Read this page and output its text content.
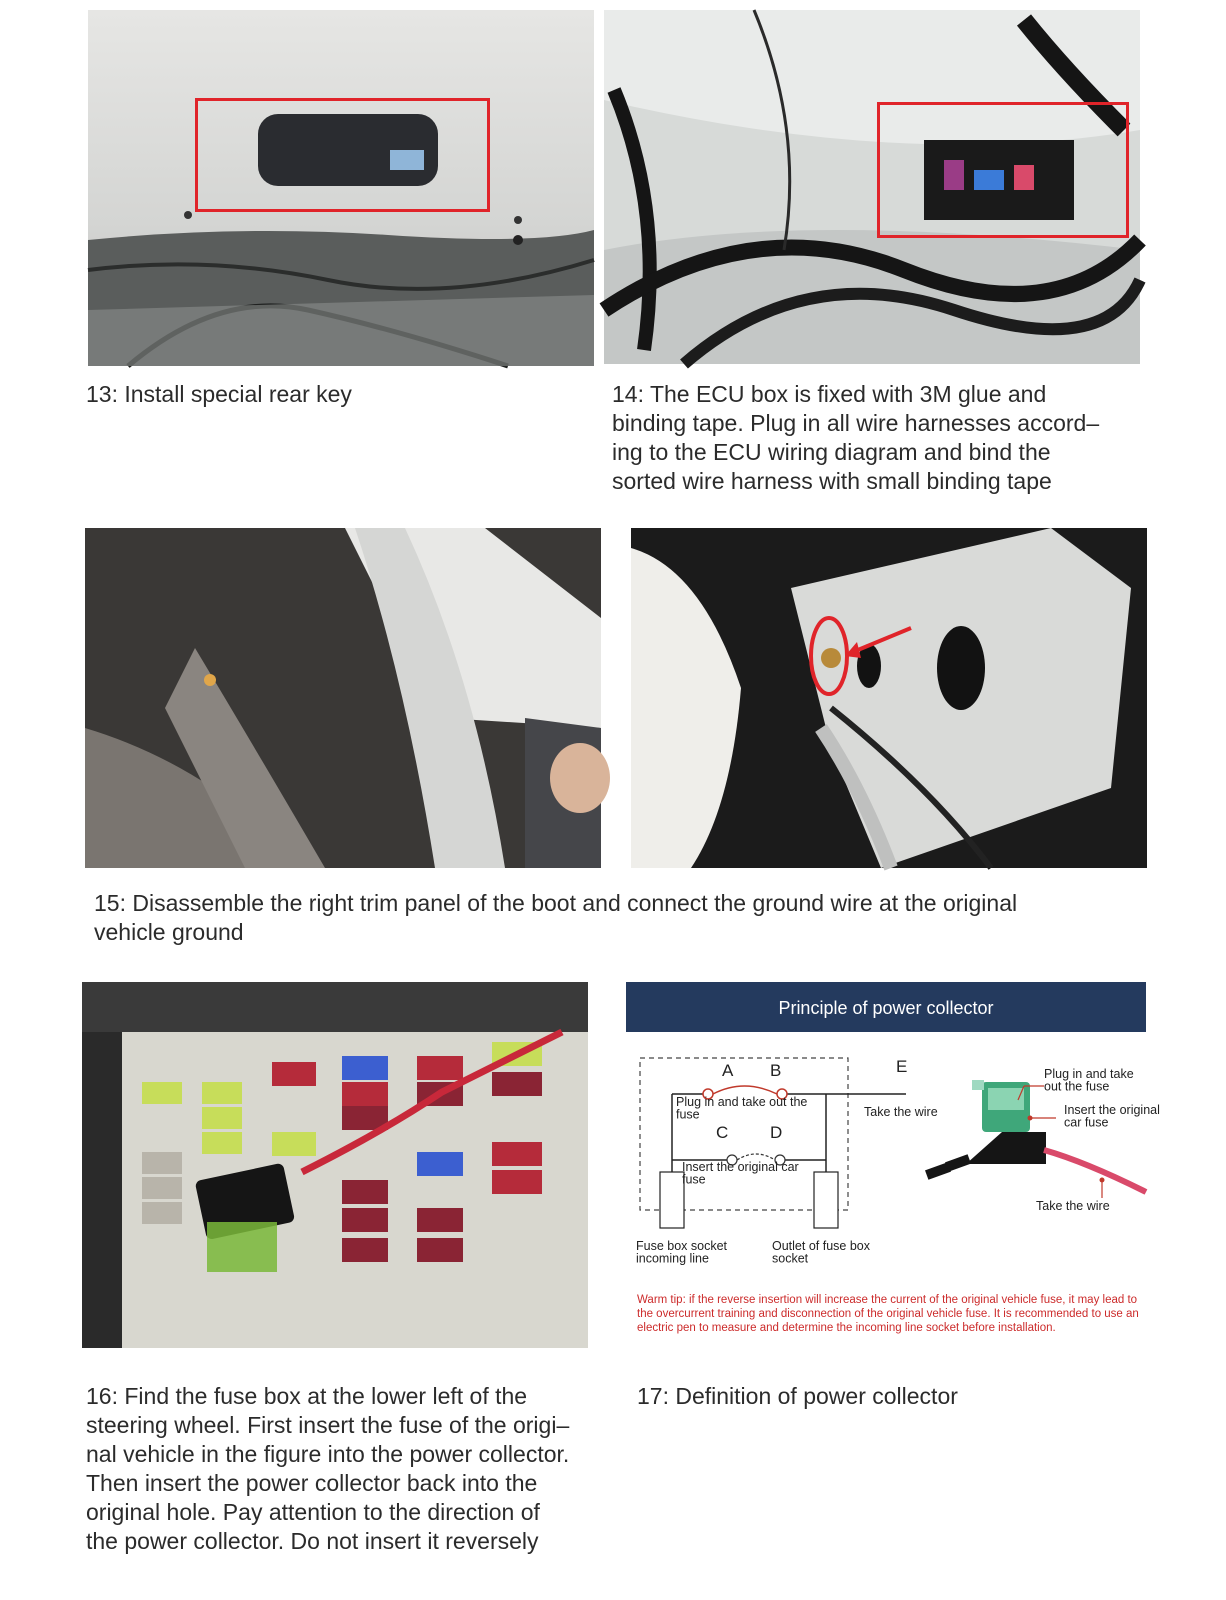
13: Install special rear key	14: The ECU box is fixed with 3M glue and
binding tape. Plug in all wire harnesses accord–
ing to the ECU wiring diagram and bind the
sorted wire harness with small binding tape

15: Disassemble the right trim panel of the boot and connect the ground wire at the original
vehicle ground

Principle of power collector
A B
C D
E
Plug in and take out the fuse
Insert the original car fuse
Take the wire
Fuse box socket incoming line
Outlet of fuse box socket
Plug in and take out the fuse
Insert the original car fuse
Take the wire

Warm tip: if the reverse insertion will increase the current of the original vehicle fuse, it may lead to the overcurrent training and disconnection of the original vehicle fuse. It is recommended to use an electric pen to measure and determine the incoming line socket before installation.

16: Find the fuse box at the lower left of the
steering wheel. First insert the fuse of the origi–
nal vehicle in the figure into the power collector.
Then insert the power collector back into the
original hole. Pay attention to the direction of
the power collector. Do not insert it reversely

17: Definition of power collector
